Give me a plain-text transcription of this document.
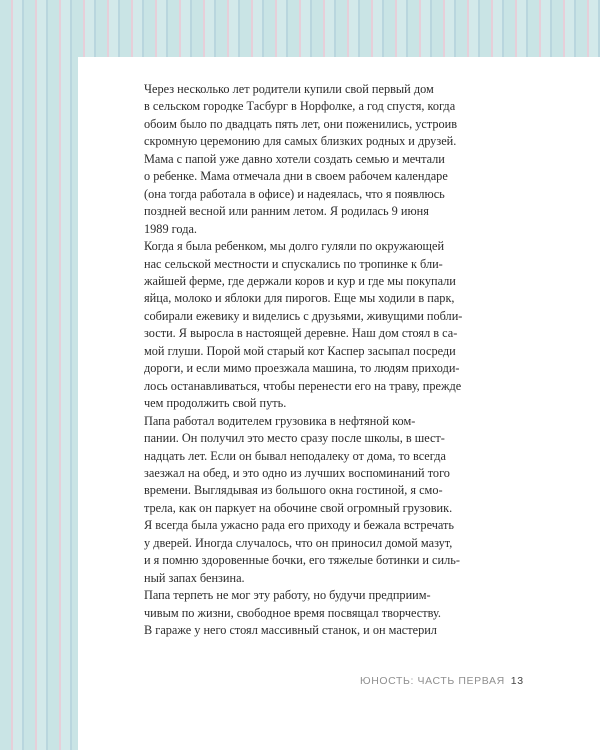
Через несколько лет родители купили свой первый дом
в сельском городке Тасбург в Норфолке, а год спустя, когда
обоим было по двадцать пять лет, они поженились, устроив
скромную церемонию для самых близких родных и друзей.
Мама с папой уже давно хотели создать семью и мечтали
о ребенке. Мама отмечала дни в своем рабочем календаре
(она тогда работала в офисе) и надеялась, что я появлюсь
поздней весной или ранним летом. Я родилась 9 июня
1989 года.
Когда я была ребенком, мы долго гуляли по окружающей
нас сельской местности и спускались по тропинке к бли-
жайшей ферме, где держали коров и кур и где мы покупали
яйца, молоко и яблоки для пирогов. Еще мы ходили в парк,
собирали ежевику и виделись с друзьями, живущими побли-
зости. Я выросла в настоящей деревне. Наш дом стоял в са-
мой глуши. Порой мой старый кот Каспер засыпал посреди
дороги, и если мимо проезжала машина, то людям приходи-
лось останавливаться, чтобы перенести его на траву, прежде
чем продолжить свой путь.
Папа работал водителем грузовика в нефтяной ком-
пании. Он получил это место сразу после школы, в шест-
надцать лет. Если он бывал неподалеку от дома, то всегда
заезжал на обед, и это одно из лучших воспоминаний того
времени. Выглядывая из большого окна гостиной, я смо-
трела, как он паркует на обочине свой огромный грузовик.
Я всегда была ужасно рада его приходу и бежала встречать
у дверей. Иногда случалось, что он приносил домой мазут,
и я помню здоровенные бочки, его тяжелые ботинки и силь-
ный запах бензина.
Папа терпеть не мог эту работу, но будучи предприим-
чивым по жизни, свободное время посвящал творчеству.
В гараже у него стоял массивный станок, и он мастерил
ЮНОСТЬ: ЧАСТЬ ПЕРВАЯ 13
